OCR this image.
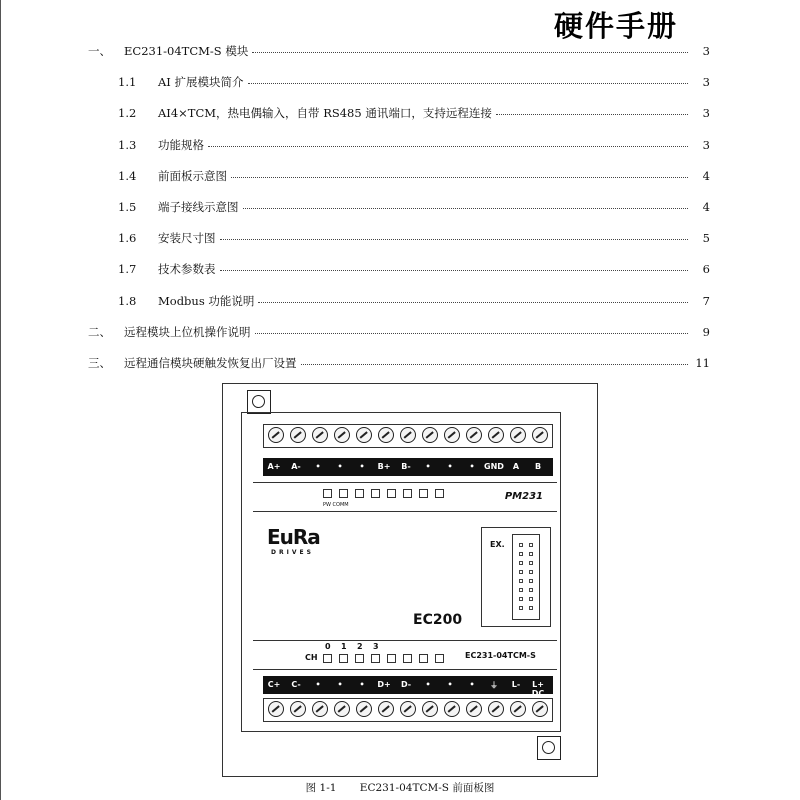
硬件手册
一、 EC231-04TCM-S 模块	3
1.1 AI 扩展模块简介	3
1.2 AI4×TCM，热电偶输入，自带 RS485 通讯端口，支持远程连接	3
1.3 功能规格	3
1.4 前面板示意图	4
1.5 端子接线示意图	4
1.6 安装尺寸图	5
1.7 技术参数表	6
1.8 Modbus 功能说明	7
二、 远程模块上位机操作说明	9
三、 远程通信模块硬触发恢复出厂设置	11
A+	A-	•	•	•	B+	B-	•	•	•	GND	A	B
PW COMM
PM231
EuRa
DRIVES
EX.
EC200
CH
0 1 2 3
EC231-04TCM-S
C+	C-	•	•	•	D+	D-	•	•	•	⏚	L-	L+ DC
图 1-1 EC231-04TCM-S 前面板图
